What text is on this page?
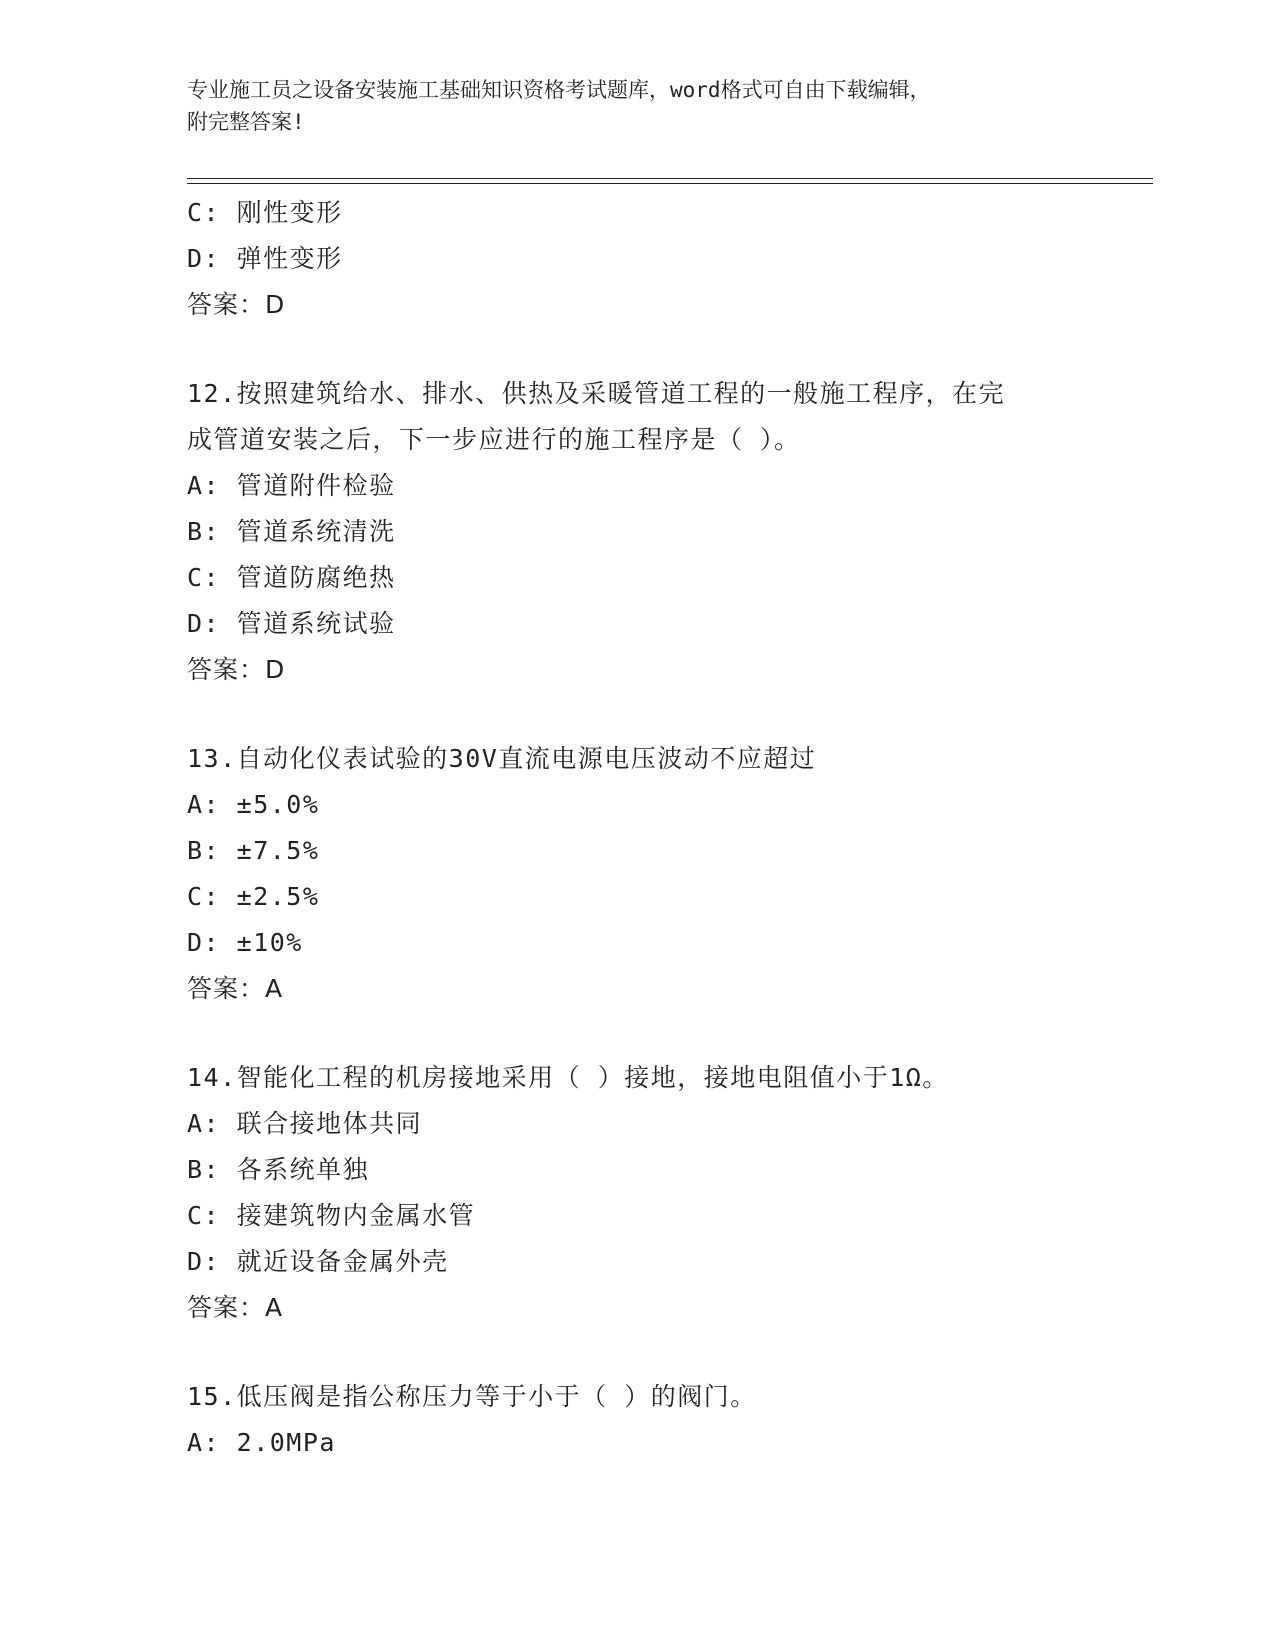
专业施工员之设备安装施工基础知识资格考试题库，word格式可自由下载编辑，
附完整答案!
C: 刚性变形
D: 弹性变形
答案：D
12.按照建筑给水、排水、供热及采暖管道工程的一般施工程序，在完
成管道安装之后，下一步应进行的施工程序是（ ）。
A: 管道附件检验
B: 管道系统清洗
C: 管道防腐绝热
D: 管道系统试验
答案：D
13.自动化仪表试验的30V直流电源电压波动不应超过
A: ±5.0%
B: ±7.5%
C: ±2.5%
D: ±10%
答案：A
14.智能化工程的机房接地采用（ ）接地，接地电阻值小于1Ω。
A: 联合接地体共同
B: 各系统单独
C: 接建筑物内金属水管
D: 就近设备金属外壳
答案：A
15.低压阀是指公称压力等于小于（ ）的阀门。
A: 2.0MPa
